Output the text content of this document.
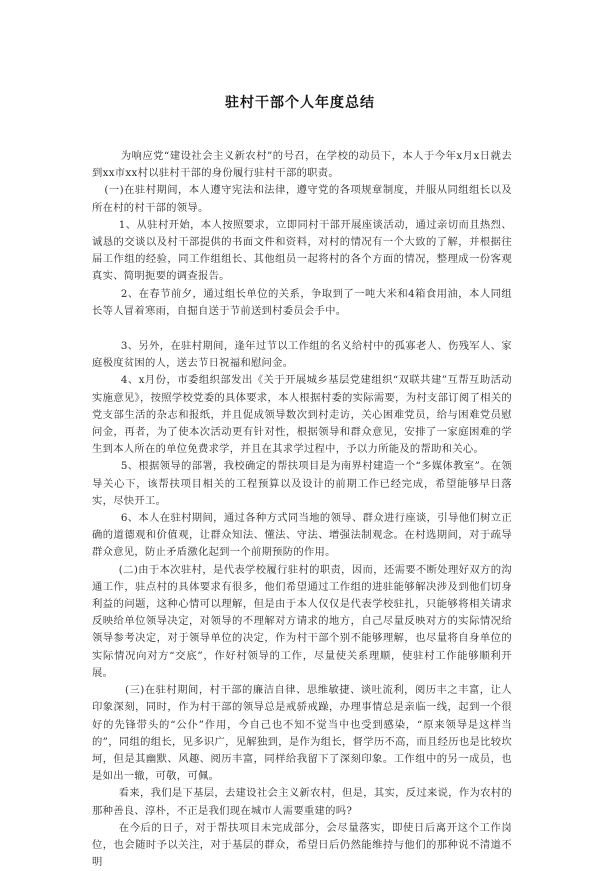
驻村干部个人年度总结

为响应党“建设社会主义新农村”的号召，在学校的动员下，本人于今年x月x日就去到xx市xx村以驻村干部的身份履行驻村干部的职责。

(一)在驻村期间，本人遵守宪法和法律，遵守党的各项规章制度，并服从同组组长以及所在村的村干部的领导。

1、从驻村开始，本人按照要求，立即同村干部开展座谈活动，通过亲切而且热烈、诚恳的交谈以及村干部提供的书面文件和资料，对村的情况有一个大致的了解，并根据往届工作组的经验，同工作组组长、其他组员一起将村的各个方面的情况，整理成一份客观真实、简明扼要的调查报告。

2、在春节前夕，通过组长单位的关系，争取到了一吨大米和4箱食用油，本人同组长等人冒着寒雨，自掘自送于节前送到村委员会手中。

3、另外，在驻村期间，逢年过节以工作组的名义给村中的孤寡老人、伤残军人、家庭极度贫困的人，送去节日祝福和慰问金。

4、x月份，市委组织部发出《关于开展城乡基层党建组织“双联共建”互帮互助活动实施意见》，按照学校党委的具体要求，本人根据村委的实际需要，为村支部订阅了相关的党支部生活的杂志和报纸，并且促成领导数次到村走访，关心困难党员，给与困难党员慰问金，再者，为了使本次活动更有针对性，根据领导和群众意见，安排了一家庭困难的学生到本人所在的单位免费求学，并且在其求学过程中，予以力所能及的帮助和关心。

5、根据领导的部署，我校确定的帮扶项目是为南界村建造一个“多媒体教室”。在领导关心下，该帮扶项目相关的工程预算以及设计的前期工作已经完成，希望能够早日落实，尽快开工。

6、本人在驻村期间，通过各种方式同当地的领导、群众进行座谈，引导他们树立正确的道德观和价值观，让群众知法、懂法、守法、增强法制观念。在村选期间，对于疏导群众意见，防止矛盾激化起到一个前期预防的作用。

(二)由于本次驻村，是代表学校履行驻村的职责，因而，还需要不断处理好双方的沟通工作，驻点村的具体要求有很多，他们希望通过工作组的进驻能够解决涉及到他们切身利益的问题，这种心情可以理解，但是由于本人仅仅是代表学校驻扎，只能够将相关请求反映给单位领导决定，对领导的不理解对方请求的地方，自己尽量反映对方的实际情况给领导参考决定，对于领导单位的决定，作为村干部个别不能够理解，也尽量将自身单位的实际情况向对方“交底”，作好村领导的工作，尽量使关系理顺，使驻村工作能够顺利开展。

(三)在驻村期间，村干部的廉洁自律、思维敏捷、谈吐流利，阅历丰之丰富，让人印象深刻，同时，作为村干部的领导总是戒骄戒躁，办理事情总是亲临一线，起到一个很好的先锋带头的“公仆”作用，今自己也不知不觉当中也受到感染，“原来领导是这样当的”，同组的组长，见多识广，见解独到，是作为组长，督学历不高，而且经历也是比较坎坷，但是其幽默、风趣、阅历丰富，同样给我留下了深刻印象。工作组中的另一成员，也是如出一辙，可敬，可佩。

看来，我们是下基层，去建设社会主义新农村，但是，其实，反过来说，作为农村的那种善良、淳朴，不正是我们现在城市人需要重建的吗?

在今后的日子，对于帮扶项目未完成部分，会尽量落实，即使日后离开这个工作岗位，也会随时予以关注，对于基层的群众，希望日后仍然能维持与他们的那种说不清道不明
